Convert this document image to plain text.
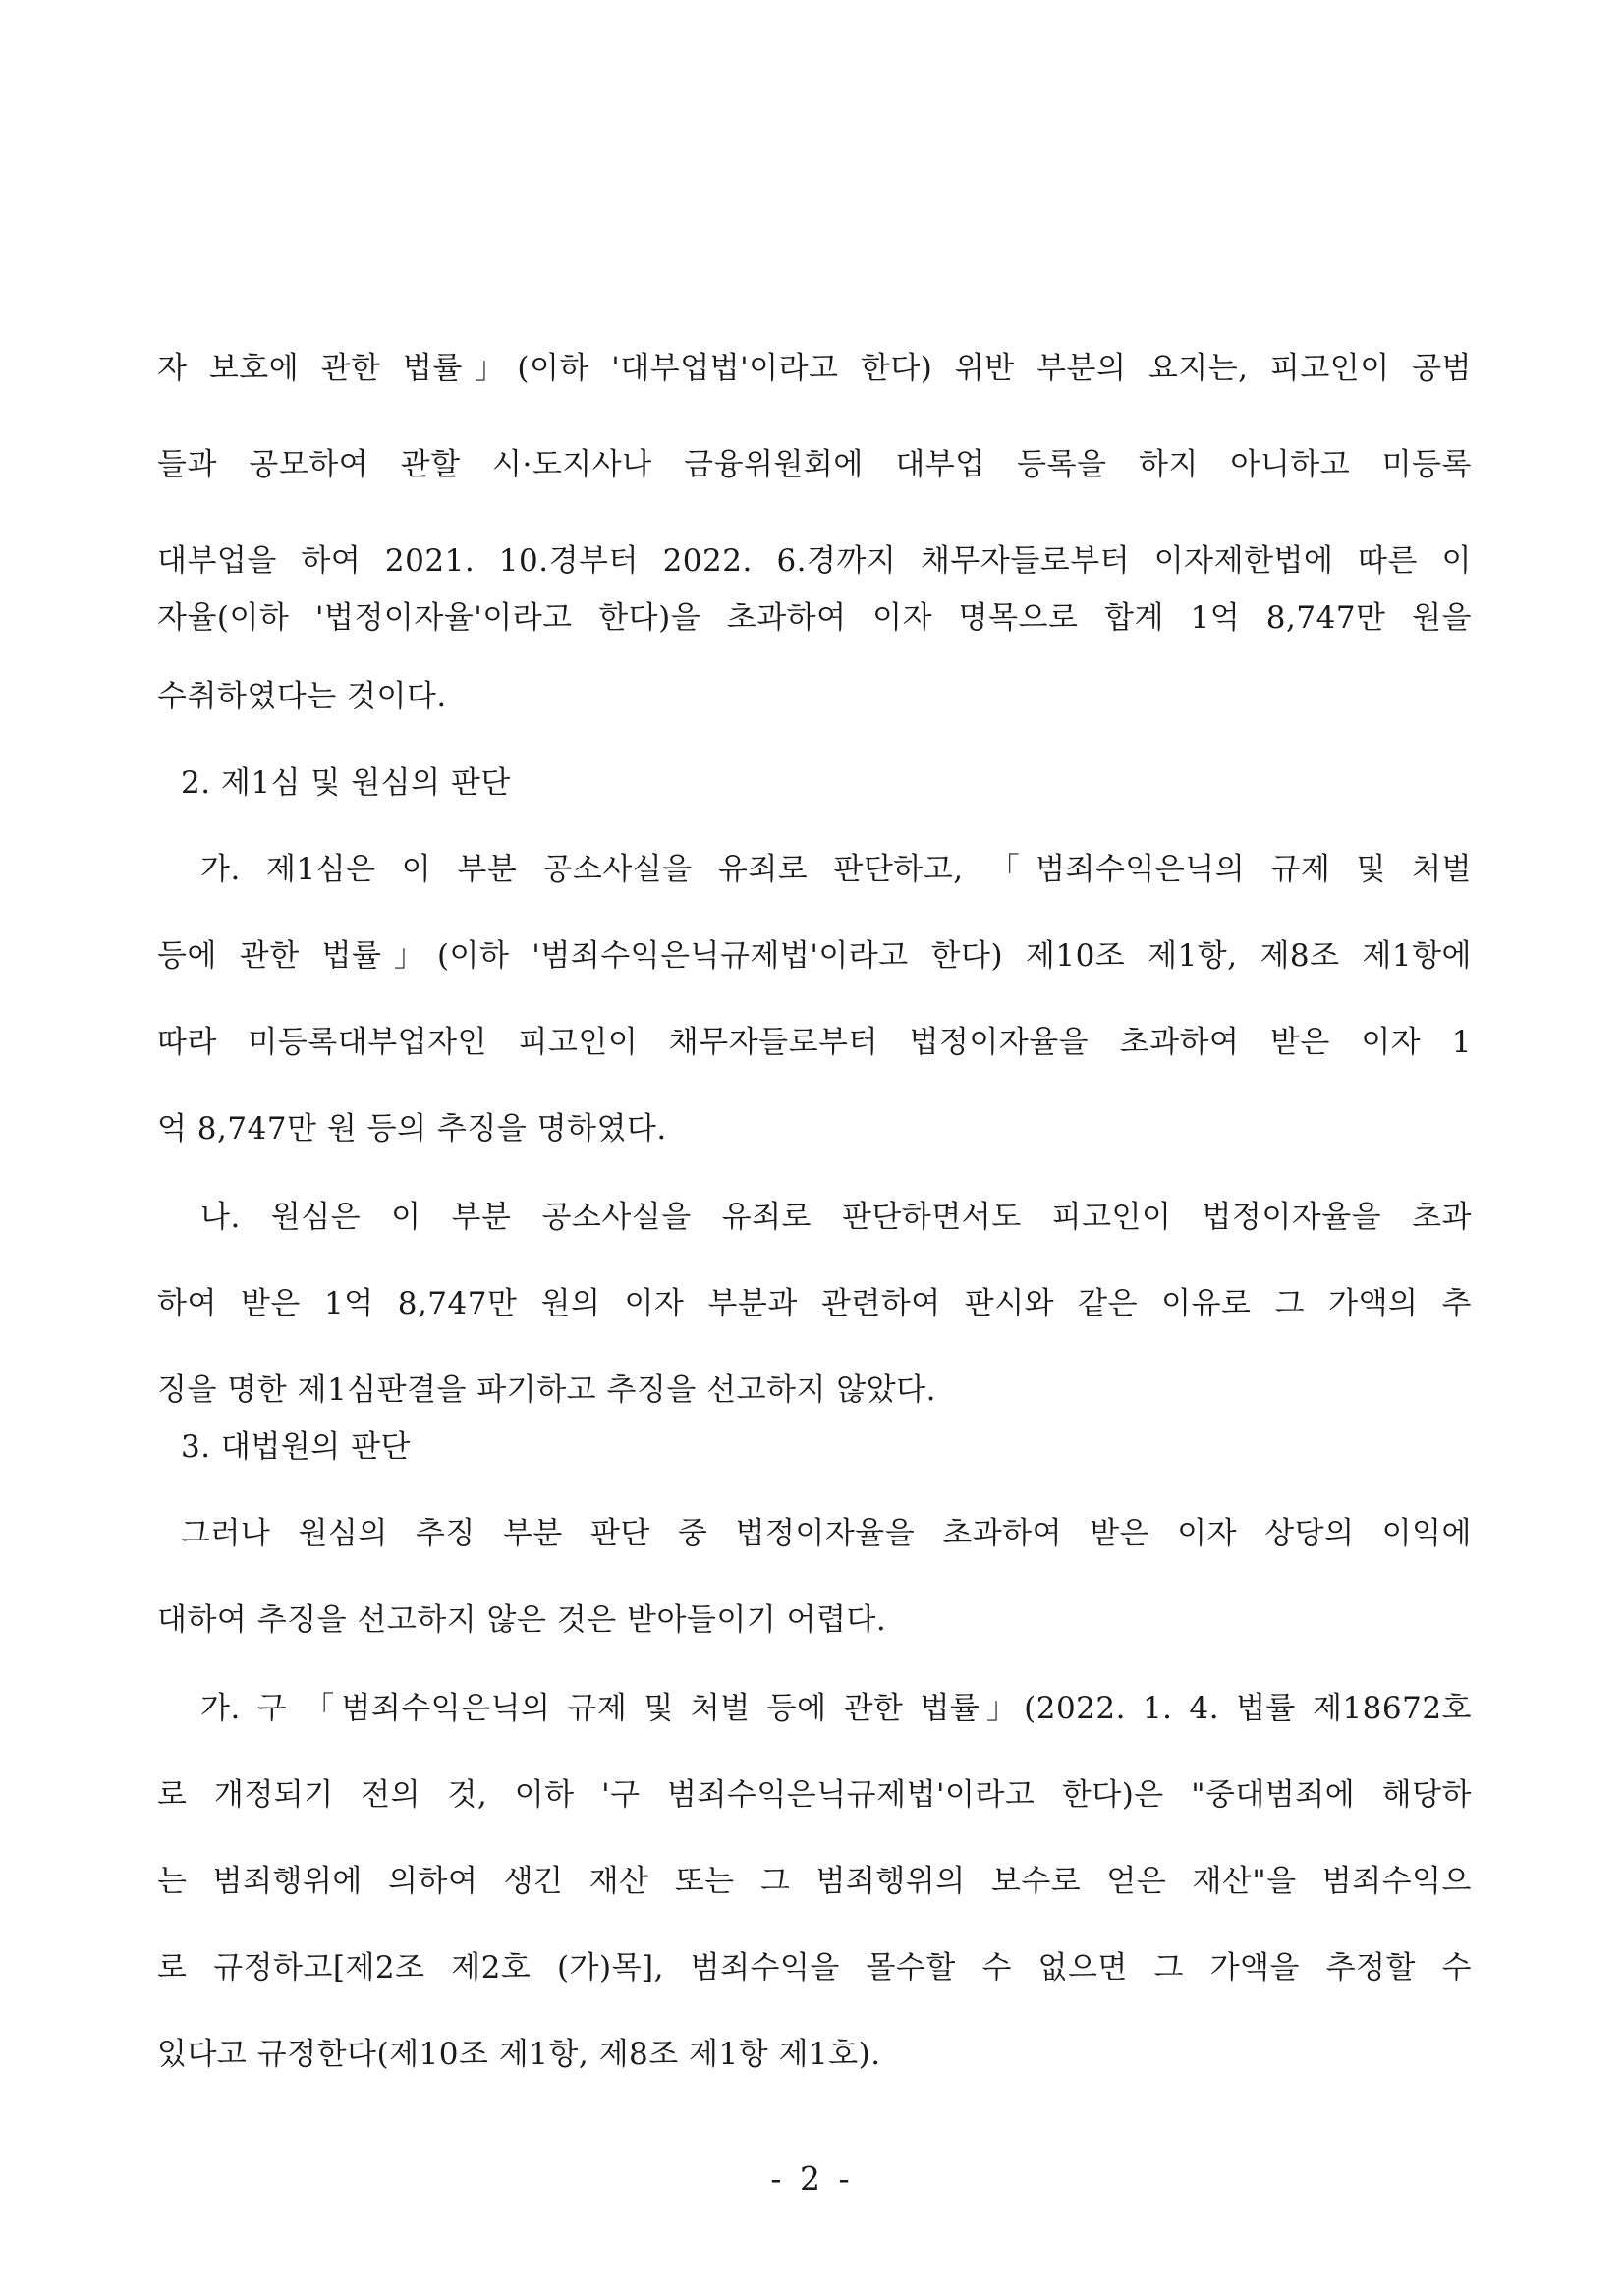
자 보호에 관한 법률」(이하 '대부업법'이라고 한다) 위반 부분의 요지는, 피고인이 공범
들과 공모하여 관할 시·도지사나 금융위원회에 대부업 등록을 하지 아니하고 미등록
대부업을 하여 2021. 10.경부터 2022. 6.경까지 채무자들로부터 이자제한법에 따른 이
자율(이하 '법정이자율'이라고 한다)을 초과하여 이자 명목으로 합계 1억 8,747만 원을
수취하였다는 것이다.
2. 제1심 및 원심의 판단
가. 제1심은 이 부분 공소사실을 유죄로 판단하고, 「범죄수익은닉의 규제 및 처벌
등에 관한 법률」(이하 '범죄수익은닉규제법'이라고 한다) 제10조 제1항, 제8조 제1항에
따라 미등록대부업자인 피고인이 채무자들로부터 법정이자율을 초과하여 받은 이자 1
억 8,747만 원 등의 추징을 명하였다.
나. 원심은 이 부분 공소사실을 유죄로 판단하면서도 피고인이 법정이자율을 초과
하여 받은 1억 8,747만 원의 이자 부분과 관련하여 판시와 같은 이유로 그 가액의 추
징을 명한 제1심판결을 파기하고 추징을 선고하지 않았다.
3. 대법원의 판단
그러나 원심의 추징 부분 판단 중 법정이자율을 초과하여 받은 이자 상당의 이익에
대하여 추징을 선고하지 않은 것은 받아들이기 어렵다.
가. 구 「범죄수익은닉의 규제 및 처벌 등에 관한 법률」(2022. 1. 4. 법률 제18672호
로 개정되기 전의 것, 이하 '구 범죄수익은닉규제법'이라고 한다)은 "중대범죄에 해당하
는 범죄행위에 의하여 생긴 재산 또는 그 범죄행위의 보수로 얻은 재산"을 범죄수익으
로 규정하고[제2조 제2호 (가)목], 범죄수익을 몰수할 수 없으면 그 가액을 추정할 수
있다고 규정한다(제10조 제1항, 제8조 제1항 제1호).
- 2 -
